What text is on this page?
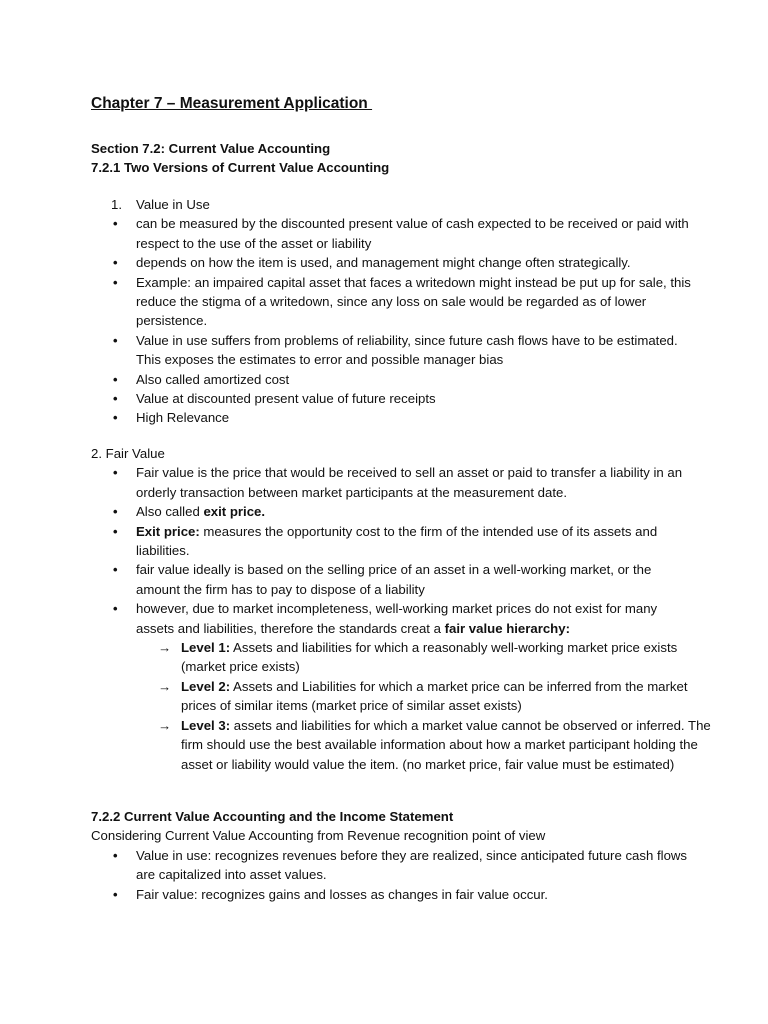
Chapter 7 – Measurement Application

Section 7.2: Current Value Accounting

7.2.1 Two Versions of Current Value Accounting

1. Value in Use
• can be measured by the discounted present value of cash expected to be received or paid with respect to the use of the asset or liability
• depends on how the item is used, and management might change often strategically.
• Example: an impaired capital asset that faces a writedown might instead be put up for sale, this reduce the stigma of a writedown, since any loss on sale would be regarded as of lower persistence.
• Value in use suffers from problems of reliability, since future cash flows have to be estimated. This exposes the estimates to error and possible manager bias
• Also called amortized cost
• Value at discounted present value of future receipts
• High Relevance

2. Fair Value

• Fair value is the price that would be received to sell an asset or paid to transfer a liability in an orderly transaction between market participants at the measurement date.
• Also called exit price.
• Exit price: measures the opportunity cost to the firm of the intended use of its assets and liabilities.
• fair value ideally is based on the selling price of an asset in a well-working market, or the amount the firm has to pay to dispose of a liability
• however, due to market incompleteness, well-working market prices do not exist for many assets and liabilities, therefore the standards creat a fair value hierarchy:
→ Level 1: Assets and liabilities for which a reasonably well-working market price exists (market price exists)
→ Level 2: Assets and Liabilities for which a market price can be inferred from the market prices of similar items (market price of similar asset exists)
→ Level 3: assets and liabilities for which a market value cannot be observed or inferred. The firm should use the best available information about how a market participant holding the asset or liability would value the item. (no market price, fair value must be estimated)

7.2.2 Current Value Accounting and the Income Statement

Considering Current Value Accounting from Revenue recognition point of view

• Value in use: recognizes revenues before they are realized, since anticipated future cash flows are capitalized into asset values.
• Fair value: recognizes gains and losses as changes in fair value occur.
